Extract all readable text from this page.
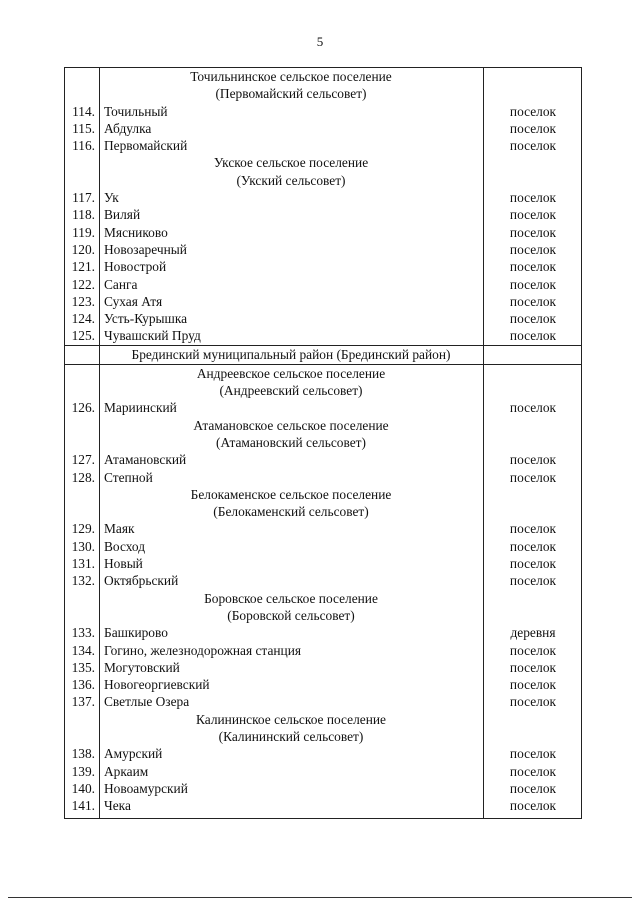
5
Точильнинское сельское поселение
(Первомайский сельсовет)
114. Точильный	поселок
115. Абдулка	поселок
116. Первомайский	поселок
Укское сельское поселение
(Укский сельсовет)
117. Ук	поселок
118. Виляй	поселок
119. Мясниково	поселок
120. Новозаречный	поселок
121. Новострой	поселок
122. Санга	поселок
123. Сухая Атя	поселок
124. Усть-Курышка	поселок
125. Чувашский Пруд	поселок
Брединский муниципальный район (Брединский район)
Андреевское сельское поселение
(Андреевский сельсовет)
126. Мариинский	поселок
Атамановское сельское поселение
(Атамановский сельсовет)
127. Атамановский	поселок
128. Степной	поселок
Белокаменское сельское поселение
(Белокаменский сельсовет)
129. Маяк	поселок
130. Восход	поселок
131. Новый	поселок
132. Октябрьский	поселок
Боровское сельское поселение
(Боровской сельсовет)
133. Башкирово	деревня
134. Гогино, железнодорожная станция	поселок
135. Могутовский	поселок
136. Новогеоргиевский	поселок
137. Светлые Озера	поселок
Калининское сельское поселение
(Калининский сельсовет)
138. Амурский	поселок
139. Аркаим	поселок
140. Новоамурский	поселок
141. Чека	поселок
